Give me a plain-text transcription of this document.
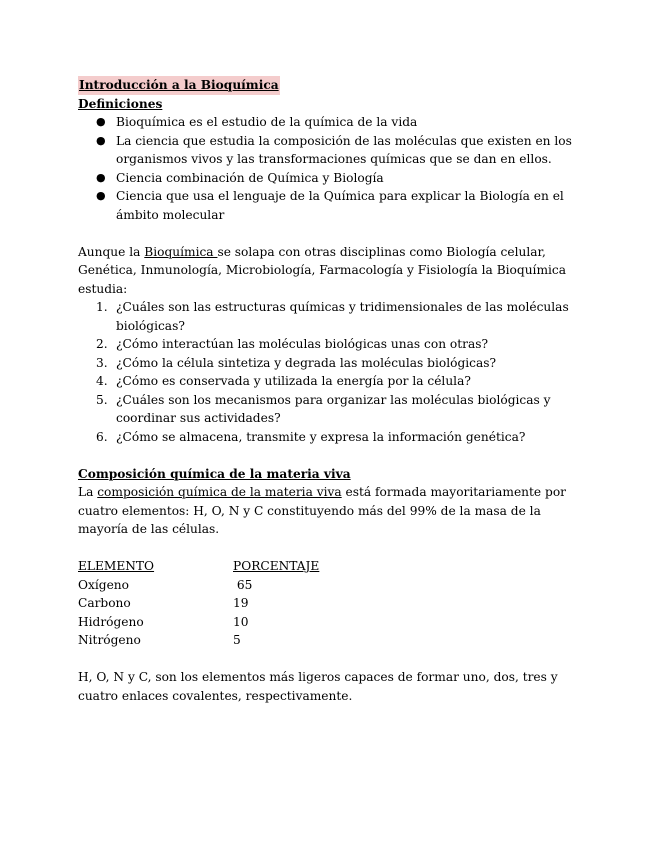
Introducción a la Bioquímica
Definiciones
● Bioquímica es el estudio de la química de la vida
● La ciencia que estudia la composición de las moléculas que existen en los organismos vivos y las transformaciones químicas que se dan en ellos.
● Ciencia combinación de Química y Biología
● Ciencia que usa el lenguaje de la Química para explicar la Biología en el ámbito molecular

Aunque la Bioquímica se solapa con otras disciplinas como Biología celular, Genética, Inmunología, Microbiología, Farmacología y Fisiología la Bioquímica estudia:

1. ¿Cuáles son las estructuras químicas y tridimensionales de las moléculas biológicas?
2. ¿Cómo interactúan las moléculas biológicas unas con otras?
3. ¿Cómo la célula sintetiza y degrada las moléculas biológicas?
4. ¿Cómo es conservada y utilizada la energía por la célula?
5. ¿Cuáles son los mecanismos para organizar las moléculas biológicas y coordinar sus actividades?
6. ¿Cómo se almacena, transmite y expresa la información genética?
Composición química de la materia viva

La composición química de la materia viva está formada mayoritariamente por cuatro elementos: H, O, N y C constituyendo más del 99% de la masa de la mayoría de las células.

ELEMENTO	PORCENTAJE
Oxígeno	65
Carbono	19
Hidrógeno	10
Nitrógeno	5

H, O, N y C, son los elementos más ligeros capaces de formar uno, dos, tres y cuatro enlaces covalentes, respectivamente.
